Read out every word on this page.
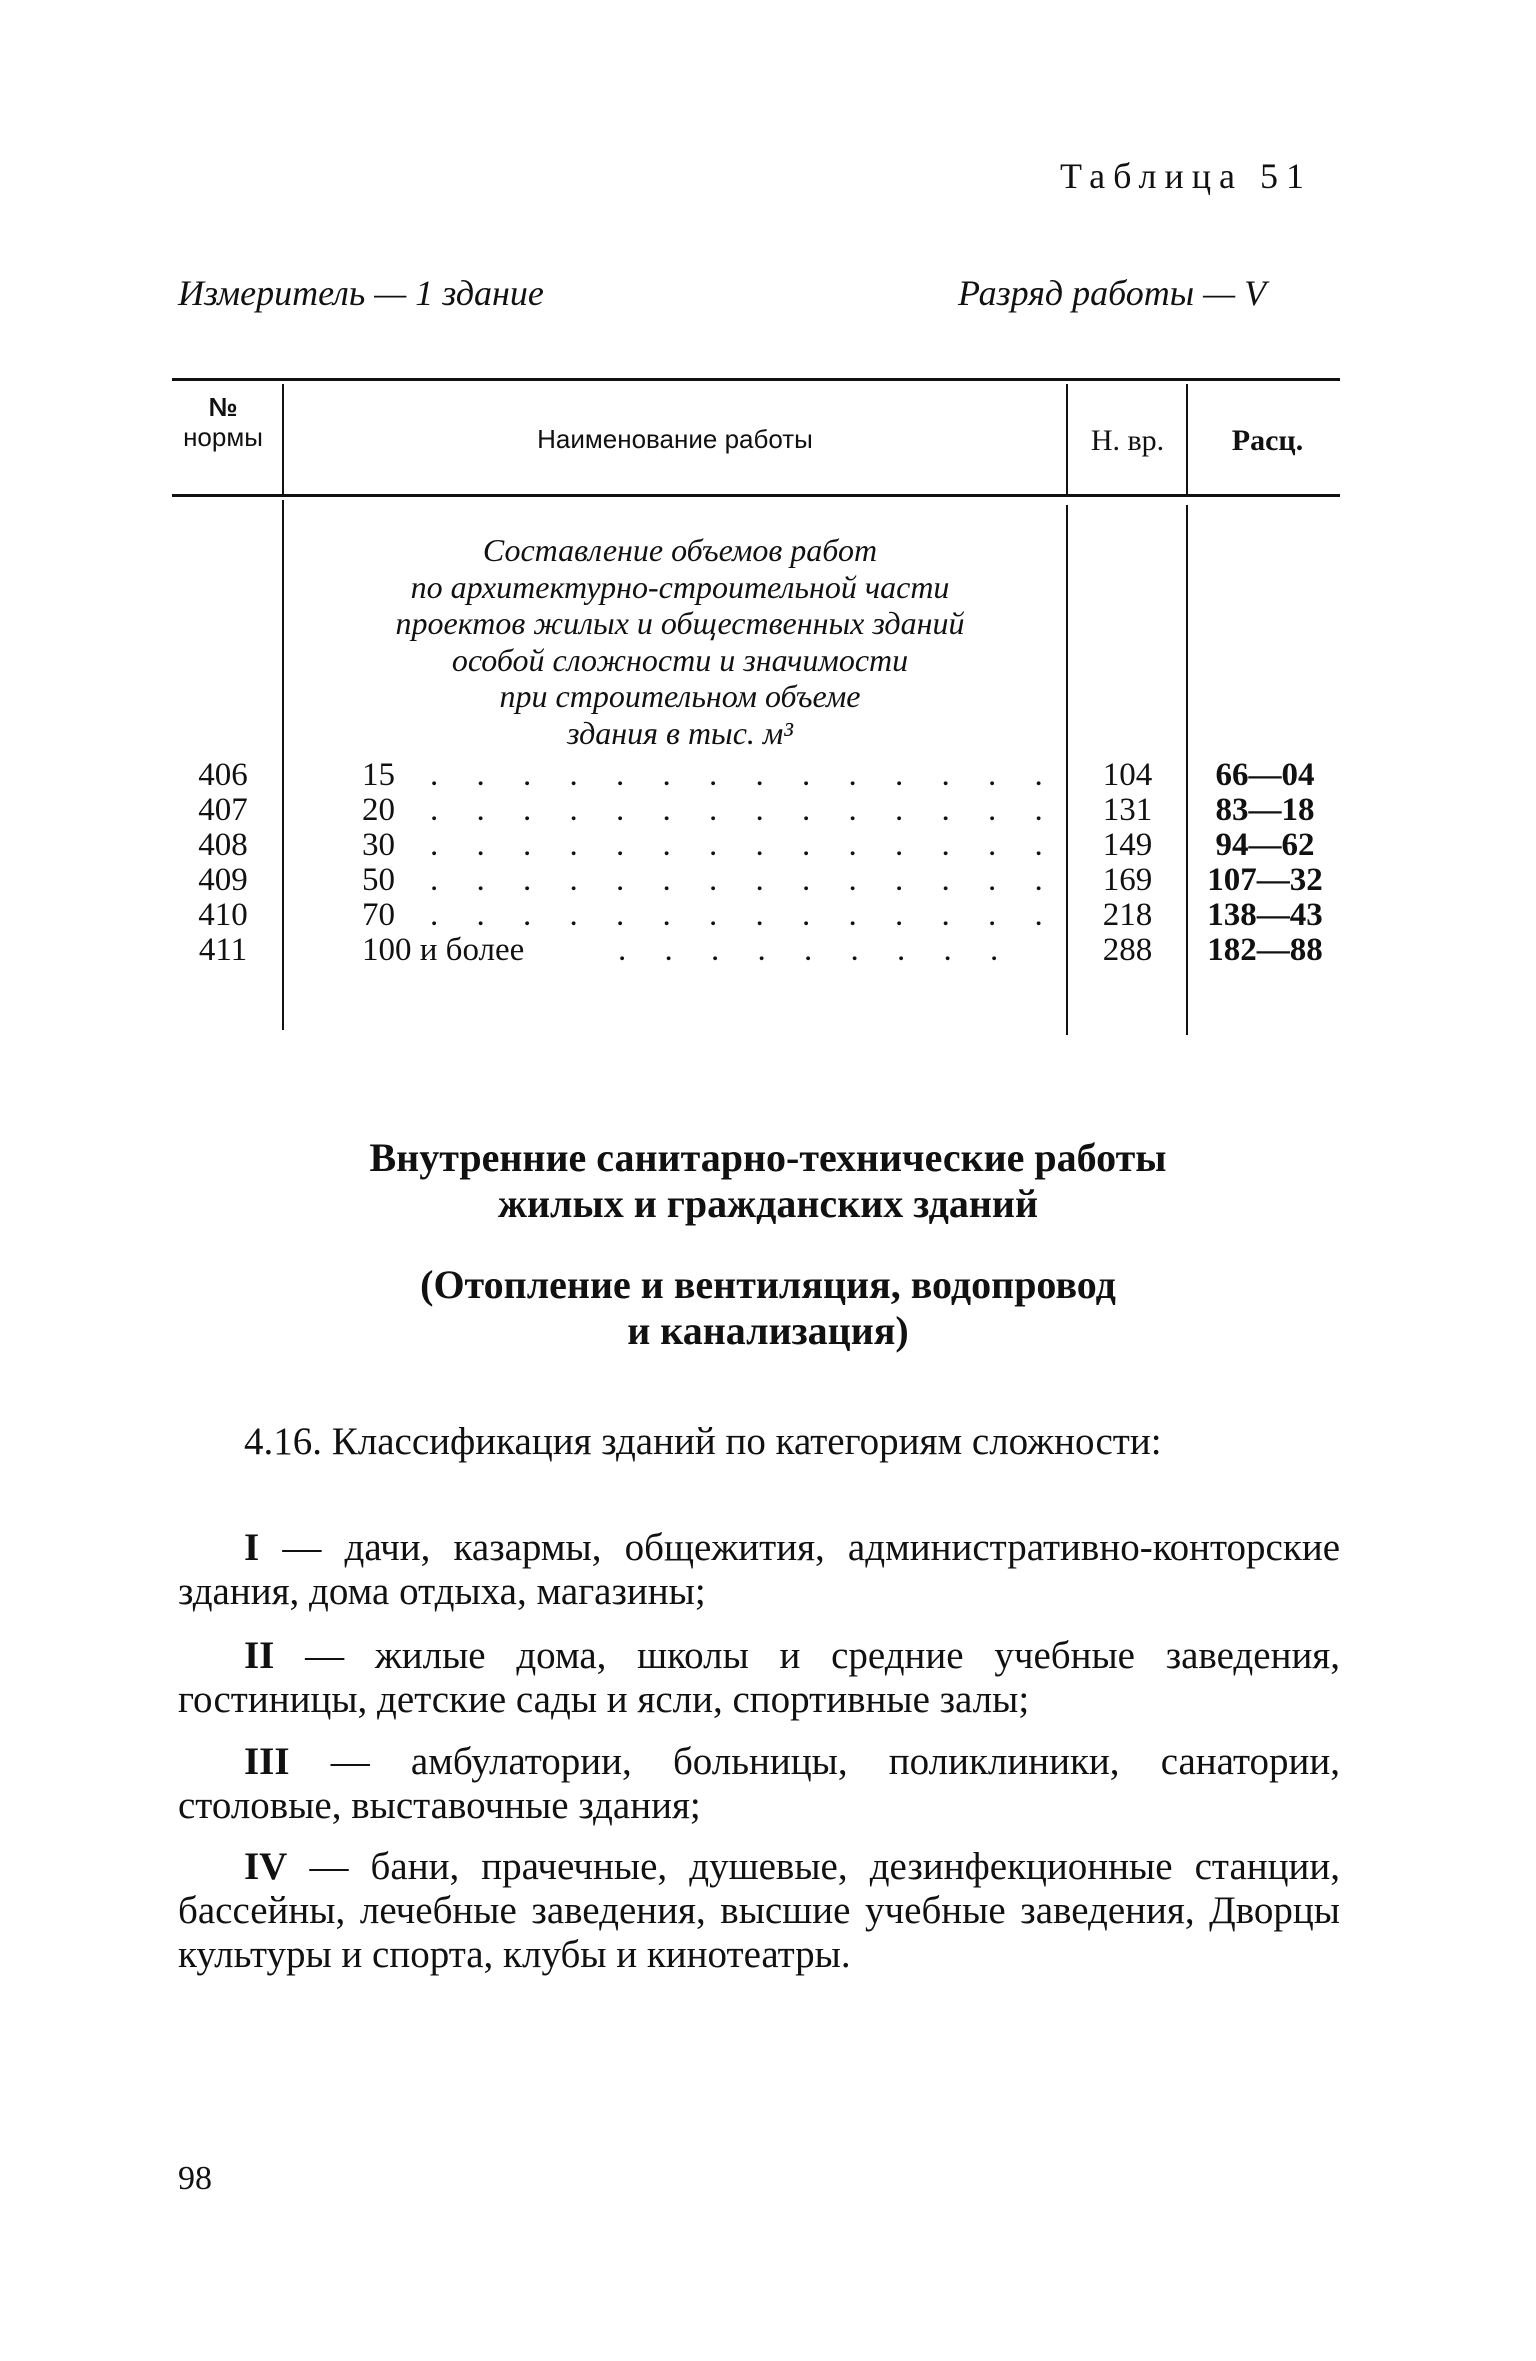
Таблица 51
Измеритель — 1 здание	Разряд работы — V
№
нормы	Наименование работы	Н. вр.	Расц.
Составление объемов работ
по архитектурно-строительной части
проектов жилых и общественных зданий
особой сложности и значимости
при строительном объеме
здания в тыс. м³
406	15 . . . . . . . . . . . . . .	104	66—04
407	20 . . . . . . . . . . . . . .	131	83—18
408	30 . . . . . . . . . . . . . .	149	94—62
409	50 . . . . . . . . . . . . . .	169	107—32
410	70 . . . . . . . . . . . . . .	218	138—43
411	100 и более	. . . . . . . . .	288	182—88
Внутренние санитарно-технические работы
жилых и гражданских зданий
(Отопление и вентиляция, водопровод
и канализация)
4.16. Классификация зданий по категориям сложности:
I — дачи, казармы, общежития, административно-конторские здания, дома отдыха, магазины;
II — жилые дома, школы и средние учебные заведения, гостиницы, детские сады и ясли, спортивные залы;
III — амбулатории, больницы, поликлиники, санатории, столовые, выставочные здания;
IV — бани, прачечные, душевые, дезинфекционные станции, бассейны, лечебные заведения, высшие учебные заведения, Дворцы культуры и спорта, клубы и кинотеатры.
98
